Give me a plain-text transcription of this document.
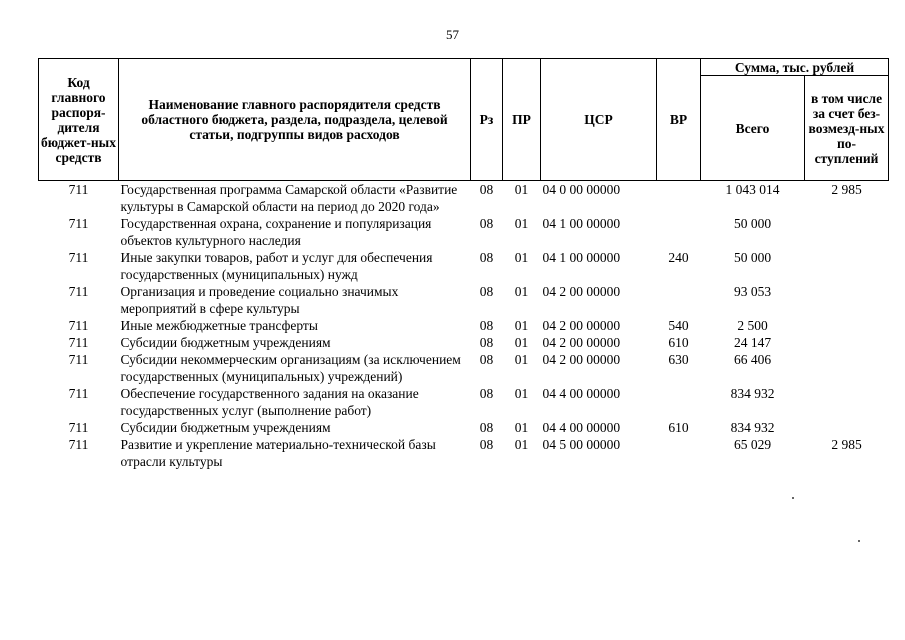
57
Код главного распоря-дителя бюджет-ных средств	Наименование главного распорядителя средств областного бюджета, раздела, подраздела, целевой статьи, подгруппы видов расходов	Рз	ПР	ЦСР	ВР	Сумма, тыс. рублей	
						Всего	в том числе за счет без-возмезд-ных по-ступлений
711	Государственная программа Самарской области «Развитие культуры в Самарской области на период до 2020 года»	08	01	04 0 00 00000		1 043 014	2 985
711	Государственная охрана, сохранение и популяризация объектов культурного наследия	08	01	04 1 00 00000		50 000	
711	Иные закупки товаров, работ и услуг для обеспечения государственных (муниципальных) нужд	08	01	04 1 00 00000	240	50 000	
711	Организация и проведение социально значимых мероприятий в сфере культуры	08	01	04 2 00 00000		93 053	
711	Иные межбюджетные трансферты	08	01	04 2 00 00000	540	2 500	
711	Субсидии бюджетным учреждениям	08	01	04 2 00 00000	610	24 147	
711	Субсидии некоммерческим организациям (за исключением государственных (муниципальных) учреждений)	08	01	04 2 00 00000	630	66 406	
711	Обеспечение государственного задания на оказание государственных услуг (выполнение работ)	08	01	04 4 00 00000		834 932	
711	Субсидии бюджетным учреждениям	08	01	04 4 00 00000	610	834 932	
711	Развитие и укрепление материально-технической базы отрасли культуры	08	01	04 5 00 00000		65 029	2 985
